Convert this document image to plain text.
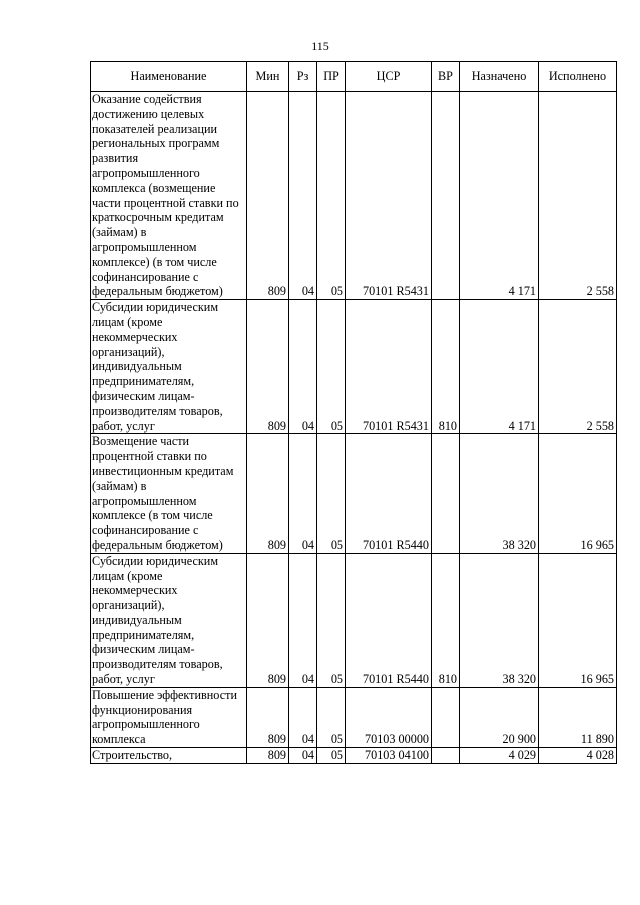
115
Наименование	Мин	Рз	ПР	ЦСР	ВР	Назначено	Исполнено
Оказание содействия достижению целевых показателей реализации региональных программ развития агропромышленного комплекса (возмещение части процентной ставки по краткосрочным кредитам (займам) в агропромышленном комплексе) (в том числе софинансирование с федеральным бюджетом)	809	04	05	70101 R5431		4 171	2 558
Субсидии юридическим лицам (кроме некоммерческих организаций), индивидуальным предпринимателям, физическим лицам-производителям товаров, работ, услуг	809	04	05	70101 R5431	810	4 171	2 558
Возмещение части процентной ставки по инвестиционным кредитам (займам) в агропромышленном комплексе (в том числе софинансирование с федеральным бюджетом)	809	04	05	70101 R5440		38 320	16 965
Субсидии юридическим лицам (кроме некоммерческих организаций), индивидуальным предпринимателям, физическим лицам-производителям товаров, работ, услуг	809	04	05	70101 R5440	810	38 320	16 965
Повышение эффективности функционирования агропромышленного комплекса	809	04	05	70103 00000		20 900	11 890
Строительство,	809	04	05	70103 04100		4 029	4 028
